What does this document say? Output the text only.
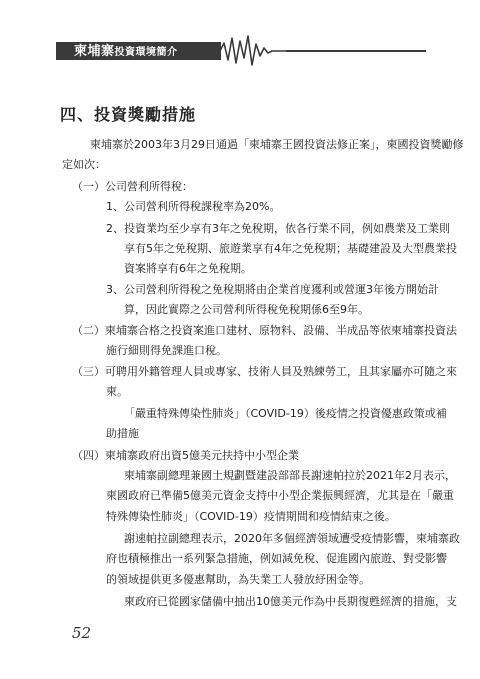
柬埔寨投資環境簡介
四、投資獎勵措施
柬埔寨於2003年3月29日通過「柬埔寨王國投資法修正案」，柬國投資獎勵修
定如次：
（一）公司營利所得稅：
1、公司營利所得稅課稅率為20%。
2、投資業均至少享有3年之免稅期，依各行業不同，例如農業及工業則
享有5年之免稅期、旅遊業享有4年之免稅期；基礎建設及大型農業投
資案將享有6年之免稅期。
3、公司營利所得稅之免稅期將由企業首度獲利或營運3年後方開始計
算，因此實際之公司營利所得稅免稅期係6至9年。
（二）柬埔寨合格之投資案進口建材、原物料、設備、半成品等依柬埔寨投資法
施行細則得免課進口稅。
（三）可聘用外籍管理人員或專家、技術人員及熟練勞工，且其家屬亦可隨之來
柬。
「嚴重特殊傳染性肺炎」（COVID-19）後疫情之投資優惠政策或補
助措施
（四）柬埔寨政府出資5億美元扶持中小型企業
柬埔寨副總理兼國土規劃暨建設部部長謝速帕拉於2021年2月表示，
柬國政府已準備5億美元資金支持中小型企業振興經濟，尤其是在「嚴重
特殊傳染性肺炎」（COVID-19）疫情期間和疫情結束之後。
謝速帕拉副總理表示，2020年多個經濟領域遭受疫情影響，柬埔寨政
府也積極推出一系列緊急措施，例如減免稅、促進國內旅遊、對受影響
的領域提供更多優惠幫助，為失業工人發放紓困金等。
柬政府已從國家儲備中抽出10億美元作為中長期復甦經濟的措施，支
52
